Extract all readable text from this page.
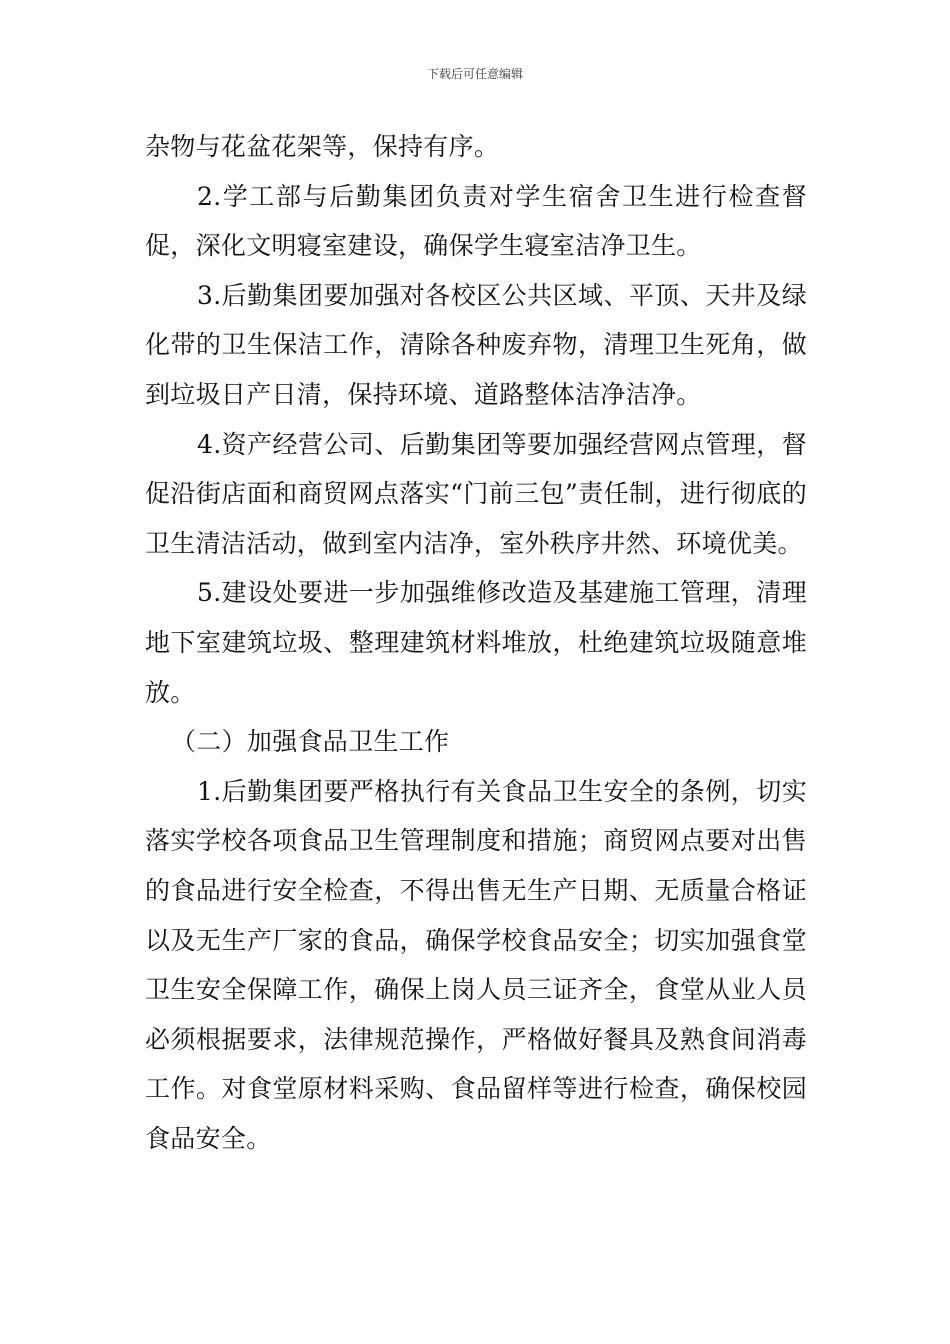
下载后可任意编辑

杂物与花盆花架等，保持有序。

2.学工部与后勤集团负责对学生宿舍卫生进行检查督促，深化文明寝室建设，确保学生寝室洁净卫生。

3.后勤集团要加强对各校区公共区域、平顶、天井及绿化带的卫生保洁工作，清除各种废弃物，清理卫生死角，做到垃圾日产日清，保持环境、道路整体洁净洁净。

4.资产经营公司、后勤集团等要加强经营网点管理，督促沿街店面和商贸网点落实“门前三包”责任制，进行彻底的卫生清洁活动，做到室内洁净，室外秩序井然、环境优美。

5.建设处要进一步加强维修改造及基建施工管理，清理地下室建筑垃圾、整理建筑材料堆放，杜绝建筑垃圾随意堆放。

（二）加强食品卫生工作

1.后勤集团要严格执行有关食品卫生安全的条例，切实落实学校各项食品卫生管理制度和措施；商贸网点要对出售的食品进行安全检查，不得出售无生产日期、无质量合格证以及无生产厂家的食品，确保学校食品安全；切实加强食堂卫生安全保障工作，确保上岗人员三证齐全，食堂从业人员必须根据要求，法律规范操作，严格做好餐具及熟食间消毒工作。对食堂原材料采购、食品留样等进行检查，确保校园食品安全。
